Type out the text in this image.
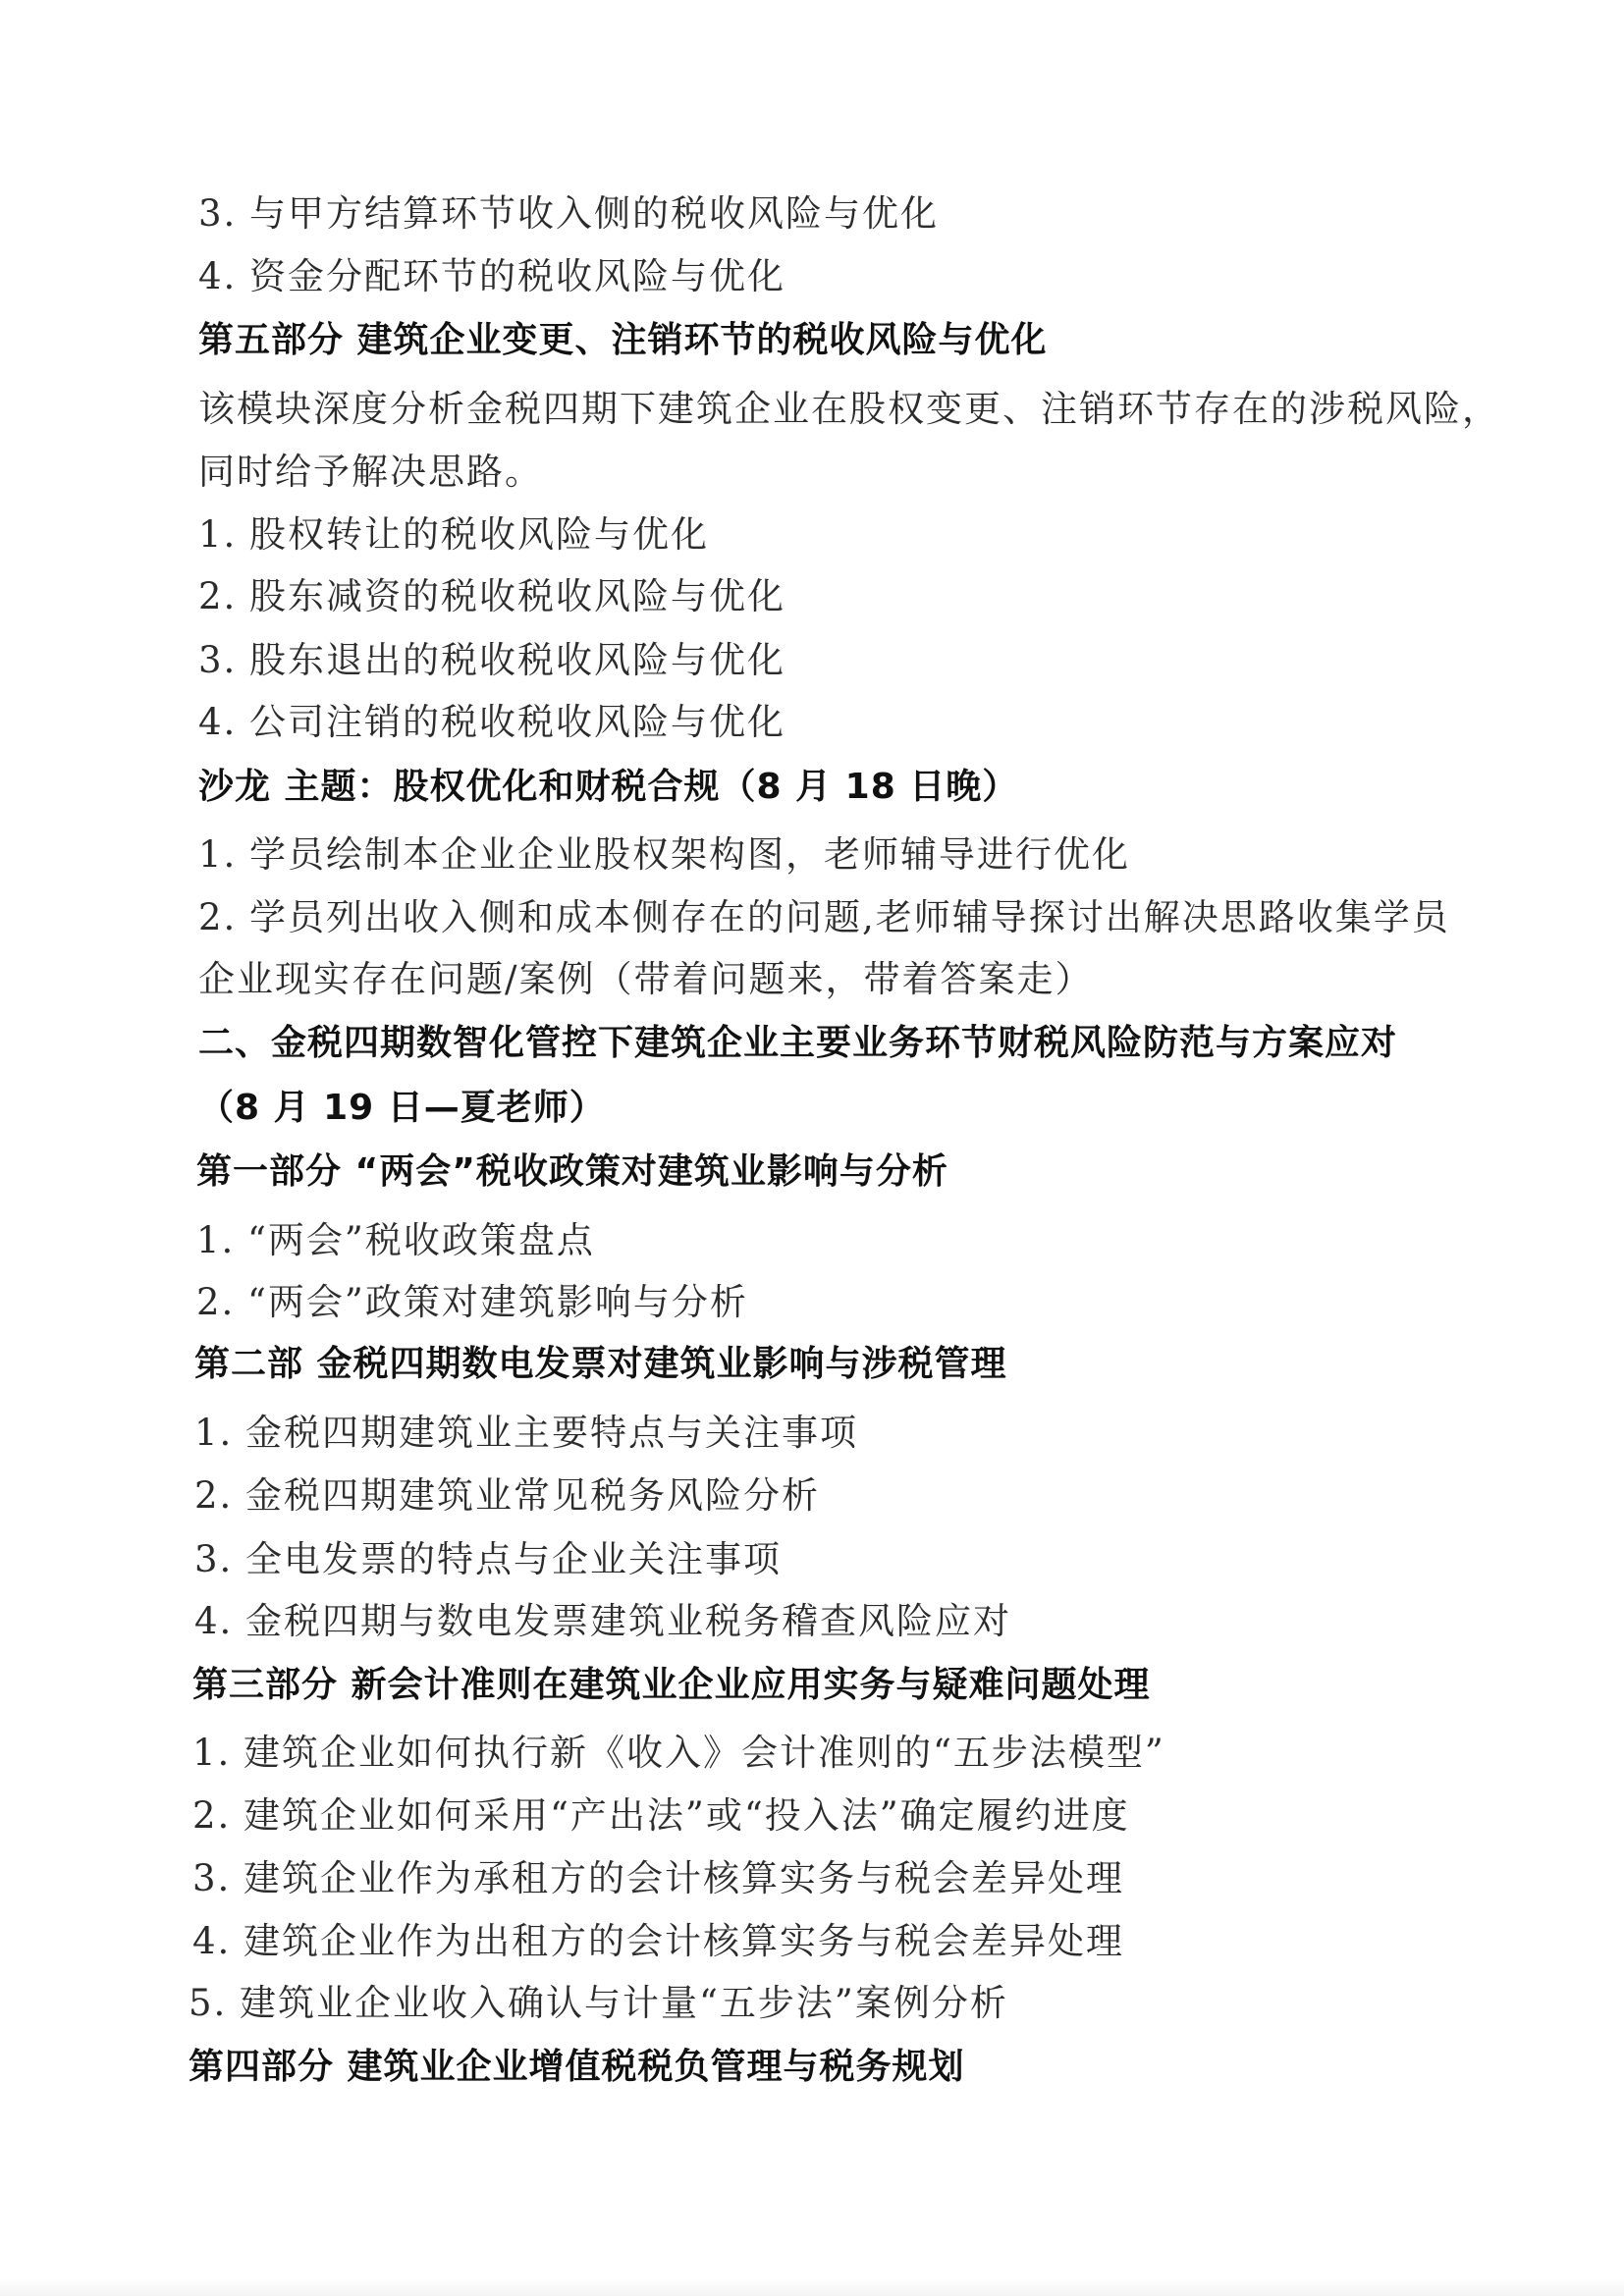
3. 与甲方结算环节收入侧的税收风险与优化
4. 资金分配环节的税收风险与优化
第五部分 建筑企业变更、注销环节的税收风险与优化
该模块深度分析金税四期下建筑企业在股权变更、注销环节存在的涉税风险，
同时给予解决思路。
1. 股权转让的税收风险与优化
2. 股东减资的税收税收风险与优化
3. 股东退出的税收税收风险与优化
4. 公司注销的税收税收风险与优化
沙龙 主题：股权优化和财税合规（8 月 18 日晚）
1. 学员绘制本企业企业股权架构图，老师辅导进行优化
2. 学员列出收入侧和成本侧存在的问题,老师辅导探讨出解决思路收集学员
企业现实存在问题/案例（带着问题来，带着答案走）
二、金税四期数智化管控下建筑企业主要业务环节财税风险防范与方案应对
（8 月 19 日—夏老师）
第一部分 “两会”税收政策对建筑业影响与分析
1. “两会”税收政策盘点
2. “两会”政策对建筑影响与分析
第二部 金税四期数电发票对建筑业影响与涉税管理
1. 金税四期建筑业主要特点与关注事项
2. 金税四期建筑业常见税务风险分析
3. 全电发票的特点与企业关注事项
4. 金税四期与数电发票建筑业税务稽查风险应对
第三部分 新会计准则在建筑业企业应用实务与疑难问题处理
1. 建筑企业如何执行新《收入》会计准则的“五步法模型”
2. 建筑企业如何采用“产出法”或“投入法”确定履约进度
3. 建筑企业作为承租方的会计核算实务与税会差异处理
4. 建筑企业作为出租方的会计核算实务与税会差异处理
5. 建筑业企业收入确认与计量“五步法”案例分析
第四部分 建筑业企业增值税税负管理与税务规划
